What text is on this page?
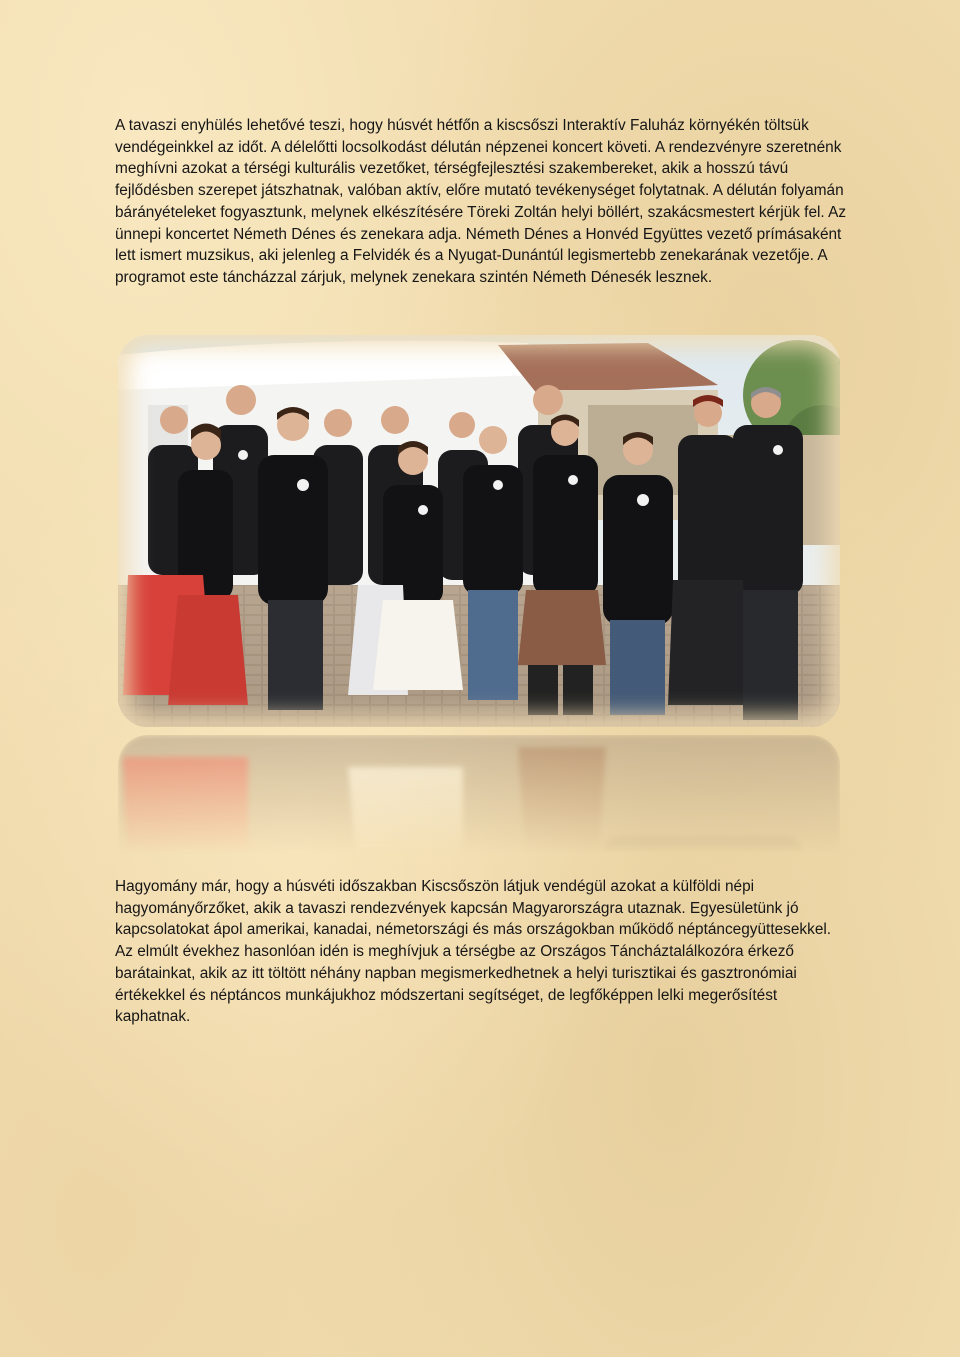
A tavaszi enyhülés lehetővé teszi, hogy húsvét hétfőn a kiscsőszi Interaktív Faluház környékén töltsük vendégeinkkel az időt. A délelőtti locsolkodást délután népzenei koncert követi. A rendezvényre szeretnénk meghívni azokat a térségi kulturális vezetőket, térségfejlesztési szakembereket, akik a hosszú távú fejlődésben szerepet játszhatnak, valóban aktív, előre mutató tevékenységet folytatnak. A délután folyamán bárányételeket fogyasztunk, melynek elkészítésére Töreki Zoltán helyi böllért, szakácsmestert kérjük fel. Az ünnepi koncertet Németh Dénes és zenekara adja. Németh Dénes a Honvéd Együttes vezető prímásaként lett ismert muzsikus, aki jelenleg a Felvidék és a Nyugat-Dunántúl legismertebb zenekarának vezetője. A programot este táncházzal zárjuk, melynek zenekara szintén Németh Dénesék lesznek.

Hagyomány már, hogy a húsvéti időszakban Kiscsőszön látjuk vendégül azokat a külföldi népi hagyományőrzőket, akik a tavaszi rendezvények kapcsán Magyarországra utaznak. Egyesületünk jó kapcsolatokat ápol amerikai, kanadai, németországi és más országokban működő néptáncegyüttesekkel. Az elmúlt évekhez hasonlóan idén is meghívjuk a térségbe az Országos Táncháztalálkozóra érkező barátainkat, akik az itt töltött néhány napban megismerkedhetnek a helyi turisztikai és gasztronómiai értékekkel és néptáncos munkájukhoz módszertani segítséget, de legfőképpen lelki megerősítést kaphatnak.
